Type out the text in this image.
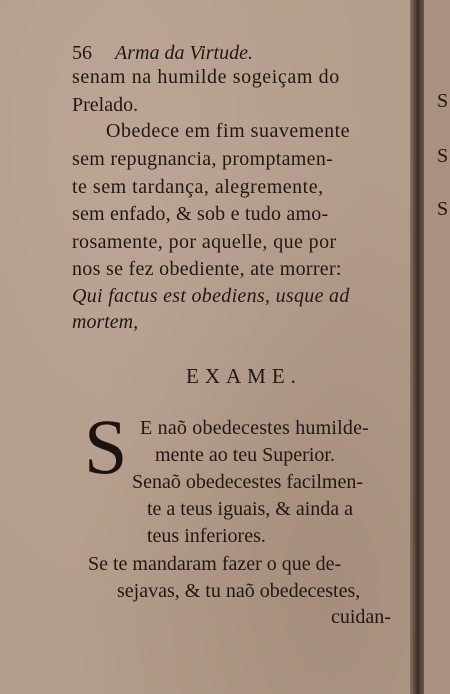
S
S
S
56 Arma da Virtude.
senam na humilde sogeiçam do
Prelado.
Obedece em fim suavemente
sem repugnancia, promptamen-
te sem tardança, alegremente,
sem enfado, & sob e tudo amo-
rosamente, por aquelle, que por
nos se fez obediente, ate morrer:
Qui factus est obediens, usque ad
mortem,
EXAME.
S E naõ obedecestes humilde-
mente ao teu Superior.
Senaõ obedecestes facilmen-
te a teus iguais, & ainda a
teus inferiores.
Se te mandaram fazer o que de-
sejavas, & tu naõ obedecestes,
cuidan-
